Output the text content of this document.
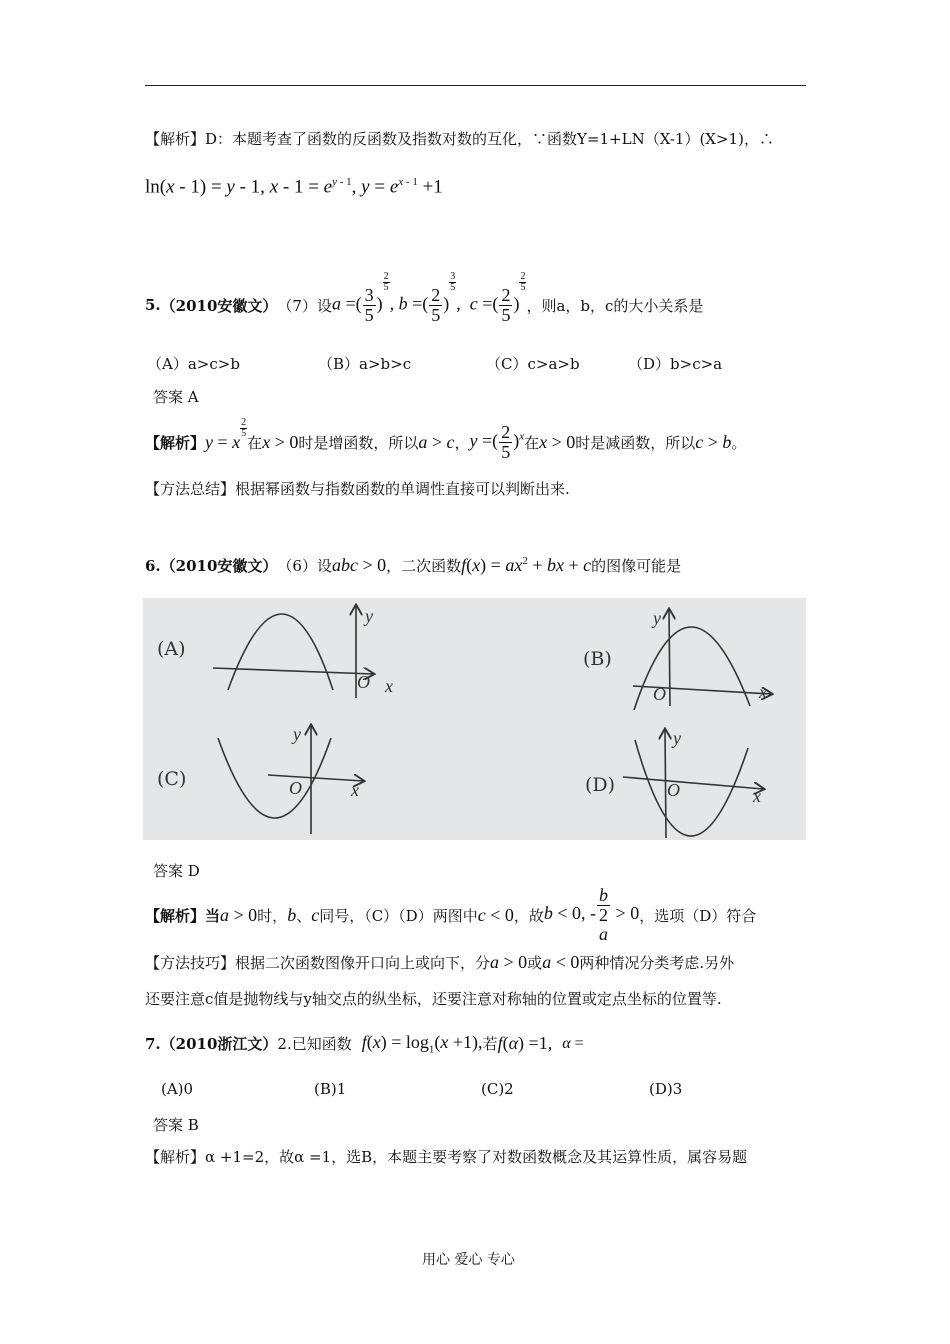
【解析】D：本题考查了函数的反函数及指数对数的互化，∵函数Y=1+LN（X-1）(X>1)，∴
ln(x - 1) = y - 1, $x - 1 = e^{y - 1}$, $y = e^{x - 1} +1$
5. （2010安徽文） （7）设 a =( $\frac{3}{5}$ )
$\frac{2}{5}$
, b =( $\frac{2}{5}$ )
$\frac{3}{5}$
,  c =( $\frac{2}{5}$ )
$\frac{2}{5}$
，则a，b，c的大小关系是
（A）a>c>b	（B）a>b>c	（C）c>a>b	（D）b>c>a
答案 A
【解析】 y = x
$\frac{2}{5}$
在 x > 0 时是增函数，所以 a > c ， y =( $\frac{2}{5} )^x$ 在 x > 0 时是减函数，所以 c > b 。
【方法总结】根据幂函数与指数函数的单调性直接可以判断出来.
6. （2010安徽文） （6）设 abc > 0 ，二次函数 $f(x) = ax^2$ + bx + c 的图像可能是
(A)	(B)
(C)	(D)
y
x
O
y
x
O
y
x
O
y
x
O
答案 D
【解析】当 a > 0 时， b 、 c 同号，（C）（D）两图中 c < 0 ，故 b < 0, - b
2
a > 0 ，选项（D）符合
【方法技巧】根据二次函数图像开口向上或向下，分 a > 0 或 a < 0 两种情况分类考虑.另外
还要注意c值是抛物线与y轴交点的纵坐标，还要注意对称轴的位置或定点坐标的位置等.
7. （2010浙江文） 2.已知函数 $f(x) = \log_1(x +1)$, 若 f(α) =1, α =
(A)0	(B)1	(C)2	(D)3
答案 B
【解析】α +1=2，故α =1，选B，本题主要考察了对数函数概念及其运算性质，属容易题
用心 爱心 专心
